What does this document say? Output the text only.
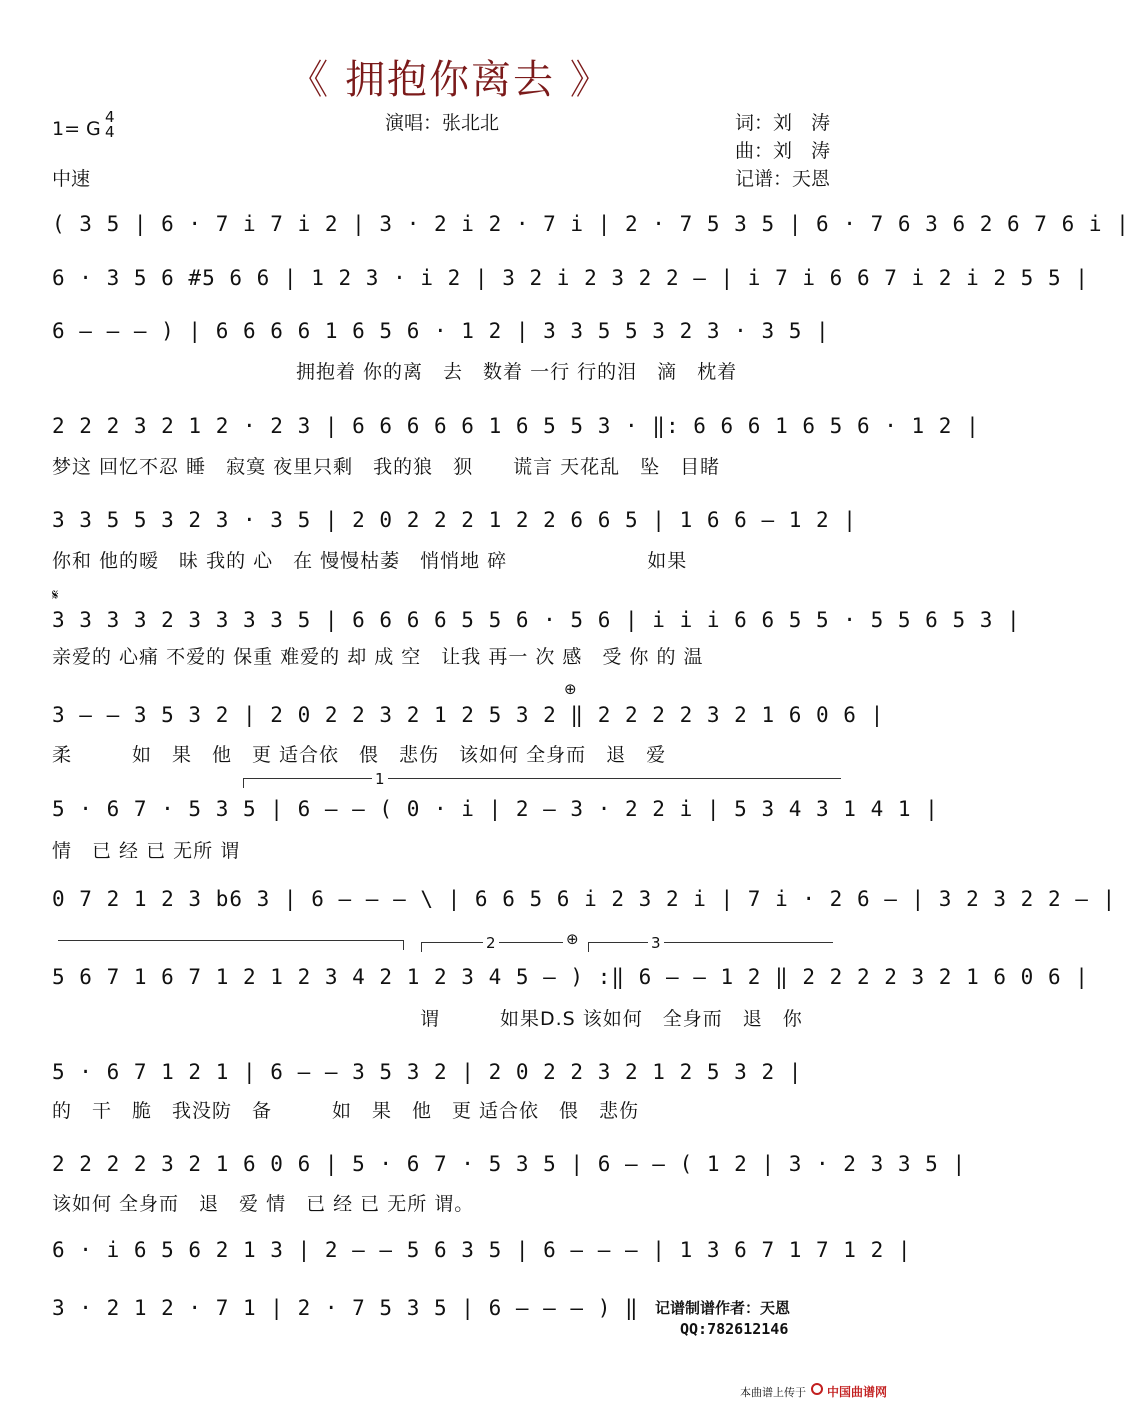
《 拥抱你离去 》
1= G
4
4
中速
演唱：张北北	词：刘　涛
曲：刘　涛
记谱：天恩
( 3 5 | 6 · 7 i 7 i 2 | 3 · 2 i 2 · 7 i | 2 · 7 5 3 5 | 6 · 7 6 3 6 2 6 7 6 i |
6 · 3 5 6 #5 6 6 | 1 2 3 · i 2 | 3 2 i 2 3 2 2 – | i 7 i 6 6 7 i 2 i 2 5 5 |
6 – – – ) | 6 6 6 6 1 6 5 6 · 1 2 | 3 3 5 5 3 2 3 · 3 5 |
拥抱着 你的离　去　数着 一行 行的泪　滴　枕着
2 2 2 3 2 1 2 · 2 3 | 6 6 6 6 6 1 6 5 5 3 · ‖: 6 6 6 1 6 5 6 · 1 2 |
梦这 回忆不忍 睡　寂寞 夜里只剩　我的狼　狈　　谎言 天花乱　坠　目睹
3 3 5 5 3 2 3 · 3 5 | 2 0 2 2 2 1 2 2 6 6 5 | 1 6 6 – 1 2 |
你和 他的暧　昧 我的 心　在 慢慢枯萎　悄悄地 碎　　　　　　　如果
𝄋
3 3 3 3 2 3 3 3 3 5 | 6 6 6 6 5 5 6 · 5 6 | i i i 6 6 5 5 · 5 5 6 5 3 |
亲爱的 心痛 不爱的 保重 难爱的 却 成 空　让我 再一 次 感　受 你 的 温
⊕
3 – – 3 5 3 2 | 2 0 2 2 3 2 1 2 5 3 2 ‖ 2 2 2 2 3 2 1 6 0 6 |
柔　　　如　果　他　更 适合依　偎　悲伤　该如何 全身而　退　爱
1
5 · 6 7 · 5 3 5 | 6 – – ( 0 · i | 2 – 3 · 2 2 i | 5 3 4 3 1 4 1 |
情　已 经 已 无所 谓
0 7 2 1 2 3 b6 3 | 6 – – – \ | 6 6 5 6 i 2 3 2 i | 7 i · 2 6 – | 3 2 3 2 2 – |
2	⊕	3
5 6 7 1 6 7 1 2 1 2 3 4 2 1 2 3 4 5 – ) :‖ 6 – – 1 2 ‖ 2 2 2 2 3 2 1 6 0 6 |
谓　　　如果D.S 该如何　全身而　退　你
5 · 6 7 1 2 1 | 6 – – 3 5 3 2 | 2 0 2 2 3 2 1 2 5 3 2 |
的　干　脆　我没防　备　　　如　果　他　更 适合依　偎　悲伤
2 2 2 2 3 2 1 6 0 6 | 5 · 6 7 · 5 3 5 | 6 – – ( 1 2 | 3 · 2 3 3 5 |
该如何 全身而　退　爱 情　已 经 已 无所 谓。
6 · i 6 5 6 2 1 3 | 2 – – 5 6 3 5 | 6 – – – | 1 3 6 7 1 7 1 2 |
3 · 2 1 2 · 7 1 | 2 · 7 5 3 5 | 6 – – – ) ‖ 记谱制谱作者：天恩
QQ:782612146
本曲谱上传于 中国曲谱网
